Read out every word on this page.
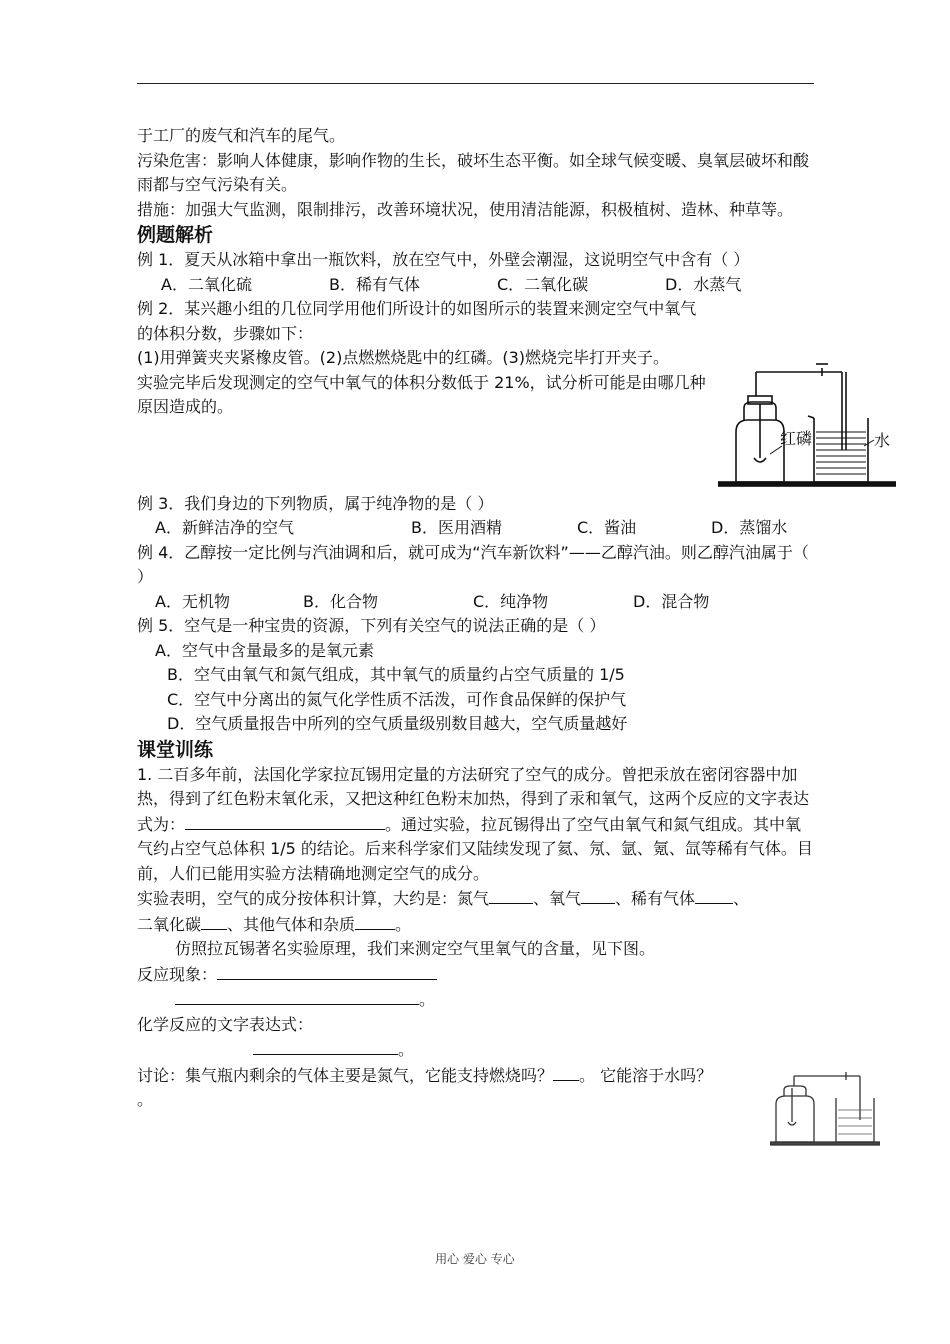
于工厂的废气和汽车的尾气。

污染危害：影响人体健康，影响作物的生长，破坏生态平衡。如全球气候变暖、臭氧层破坏和酸雨都与空气污染有关。

措施：加强大气监测，限制排污，改善环境状况，使用清洁能源，积极植树、造林、种草等。

例题解析

例 1．夏天从冰箱中拿出一瓶饮料，放在空气中，外壁会潮湿，这说明空气中含有（ ）

A．二氧化硫	B．稀有气体	C．二氧化碳	D．水蒸气

例 2．某兴趣小组的几位同学用他们所设计的如图所示的装置来测定空气中氧气的体积分数，步骤如下：

(1)用弹簧夹夹紧橡皮管。(2)点燃燃烧匙中的红磷。(3)燃烧完毕打开夹子。

实验完毕后发现测定的空气中氧气的体积分数低于 21%，试分析可能是由哪几种原因造成的。

例 3．我们身边的下列物质，属于纯净物的是（ ）

A．新鲜洁净的空气	B．医用酒精	C．酱油	D．蒸馏水

例 4．乙醇按一定比例与汽油调和后，就可成为“汽车新饮料”——乙醇汽油。则乙醇汽油属于（ ）

A．无机物	B．化合物	C．纯净物	D．混合物

例 5．空气是一种宝贵的资源，下列有关空气的说法正确的是（ ）

A．空气中含量最多的是氧元素

B．空气由氧气和氮气组成，其中氧气的质量约占空气质量的 1/5

C．空气中分离出的氮气化学性质不活泼，可作食品保鲜的保护气

D．空气质量报告中所列的空气质量级别数目越大，空气质量越好

课堂训练

1. 二百多年前，法国化学家拉瓦锡用定量的方法研究了空气的成分。曾把汞放在密闭容器中加热，得到了红色粉末氧化汞，又把这种红色粉末加热，得到了汞和氧气，这两个反应的文字表达式为：	。通过实验，拉瓦锡得出了空气由氧气和氮气组成。其中氧气约占空气总体积 1/5 的结论。后来科学家们又陆续发现了氦、氖、氩、氪、氙等稀有气体。目前，人们已能用实验方法精确地测定空气的成分。

实验表明，空气的成分按体积计算，大约是：氮气	、氧气 、稀有气体 、
二氧化碳 、其他气体和杂质	。

仿照拉瓦锡著名实验原理，我们来测定空气里氧气的含量，见下图。

反应现象：

。

化学反应的文字表达式：

。

讨论：集气瓶内剩余的气体主要是氮气，它能支持燃烧吗？ 。 它能溶于水吗？
。

红磷	水
用心 爱心 专心
